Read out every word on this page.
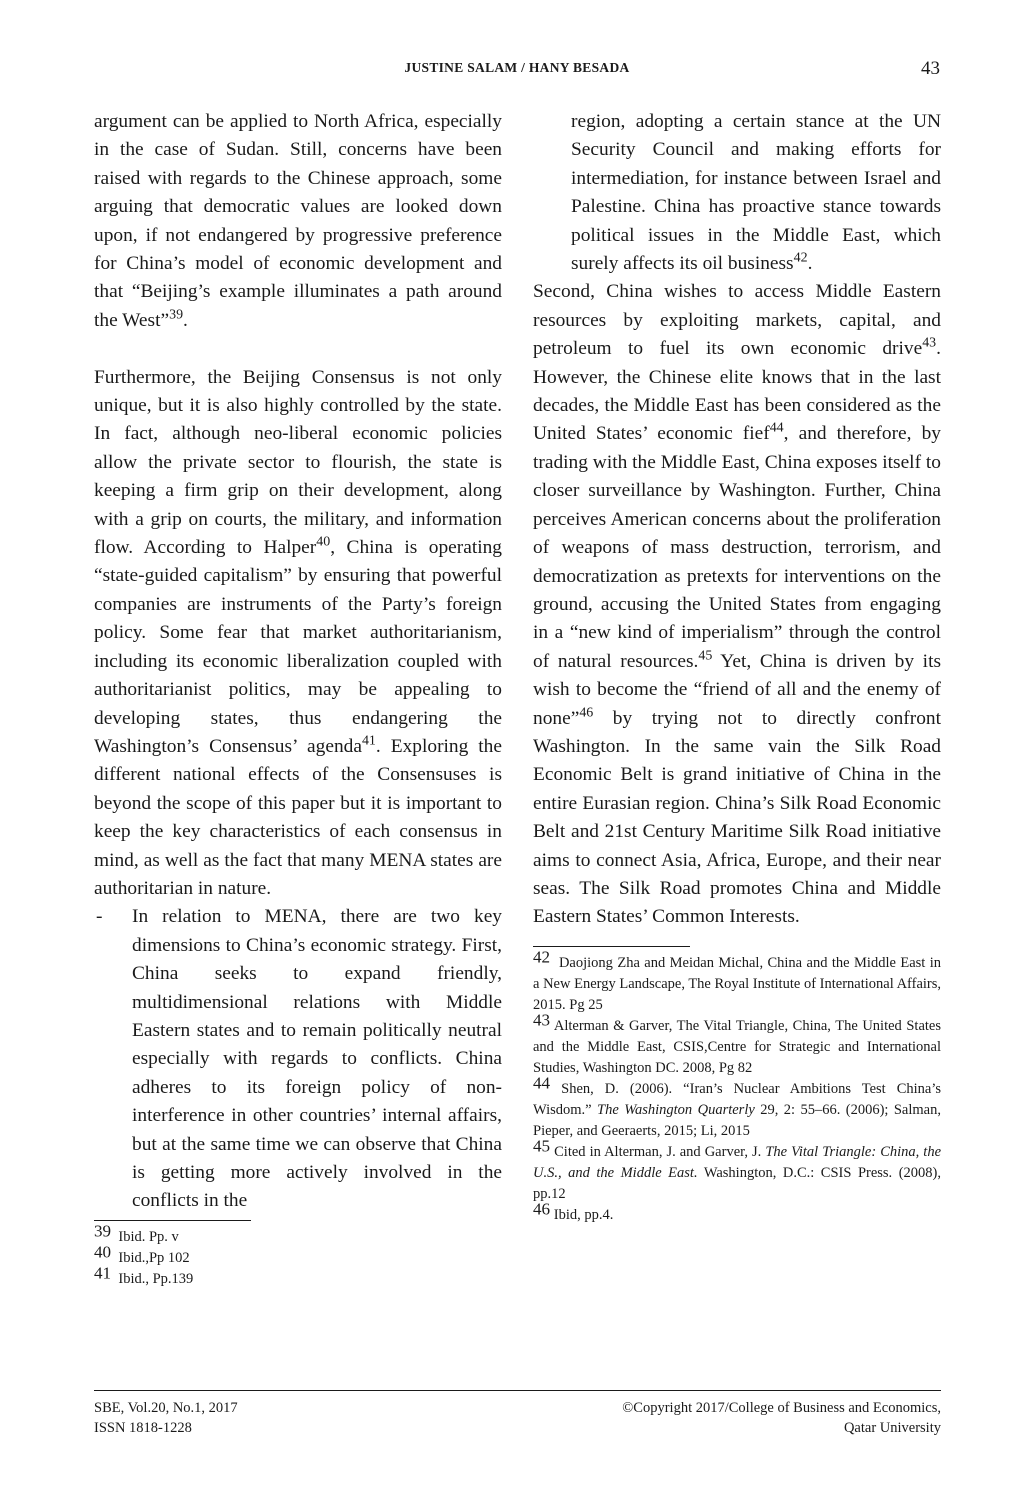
JUSTINE SALAM / HANY BESADA	43

argument can be applied to North Africa, especially in the case of Sudan. Still, concerns have been raised with regards to the Chinese approach, some arguing that democratic values are looked down upon, if not endangered by progressive preference for China’s model of economic development and that “Beijing’s example illuminates a path around the West”$^{39}$.

Furthermore, the Beijing Consensus is not only unique, but it is also highly controlled by the state. In fact, although neo-liberal economic policies allow the private sector to flourish, the state is keeping a firm grip on their development, along with a grip on courts, the military, and information flow. According to Halper$^{40}$, China is operating “state-guided capitalism” by ensuring that powerful companies are instruments of the Party’s foreign policy. Some fear that market authoritarianism, including its economic liberalization coupled with authoritarianist politics, may be appealing to developing states, thus endangering the Washington’s Consensus’ agenda$^{41}$. Exploring the different national effects of the Consensuses is beyond the scope of this paper but it is important to keep the key characteristics of each consensus in mind, as well as the fact that many MENA states are authoritarian in nature.

- In relation to MENA, there are two key dimensions to China’s economic strategy. First, China seeks to expand friendly, multidimensional relations with Middle Eastern states and to remain politically neutral especially with regards to conflicts. China adheres to its foreign policy of non-interference in other countries’ internal affairs, but at the same time we can observe that China is getting more actively involved in the conflicts in the

$^{39}$ Ibid. Pp. v

$^{40}$ Ibid.,Pp 102

$^{41}$ Ibid., Pp.139

region, adopting a certain stance at the UN Security Council and making efforts for intermediation, for instance between Israel and Palestine. China has proactive stance towards political issues in the Middle East, which surely affects its oil business$^{42}$.

Second, China wishes to access Middle Eastern resources by exploiting markets, capital, and petroleum to fuel its own economic drive$^{43}$. However, the Chinese elite knows that in the last decades, the Middle East has been considered as the United States’ economic fief$^{44}$, and therefore, by trading with the Middle East, China exposes itself to closer surveillance by Washington. Further, China perceives American concerns about the proliferation of weapons of mass destruction, terrorism, and democratization as pretexts for interventions on the ground, accusing the United States from engaging in a “new kind of imperialism” through the control of natural resources.$^{45}$ Yet, China is driven by its wish to become the “friend of all and the enemy of none”$^{46}$ by trying not to directly confront Washington. In the same vain the Silk Road Economic Belt is grand initiative of China in the entire Eurasian region. China’s Silk Road Economic Belt and 21st Century Maritime Silk Road initiative aims to connect Asia, Africa, Europe, and their near seas. The Silk Road promotes China and Middle Eastern States’ Common Interests.

$^{42}$ Daojiong Zha and Meidan Michal, China and the Middle East in a New Energy Landscape, The Royal Institute of International Affairs, 2015. Pg 25

$^{43}$ Alterman & Garver, The Vital Triangle, China, The United States and the Middle East, CSIS,Centre for Strategic and International Studies, Washington DC. 2008, Pg 82

$^{44}$ Shen, D. (2006). “Iran’s Nuclear Ambitions Test China’s Wisdom.” The Washington Quarterly 29, 2: 55–66. (2006); Salman, Pieper, and Geeraerts, 2015; Li, 2015

$^{45}$ Cited in Alterman, J. and Garver, J. The Vital Triangle: China, the U.S., and the Middle East. Washington, D.C.: CSIS Press. (2008), pp.12

$^{46}$ Ibid, pp.4.

SBE, Vol.20, No.1, 2017
ISSN 1818-1228
©Copyright 2017/College of Business and Economics,
Qatar University
